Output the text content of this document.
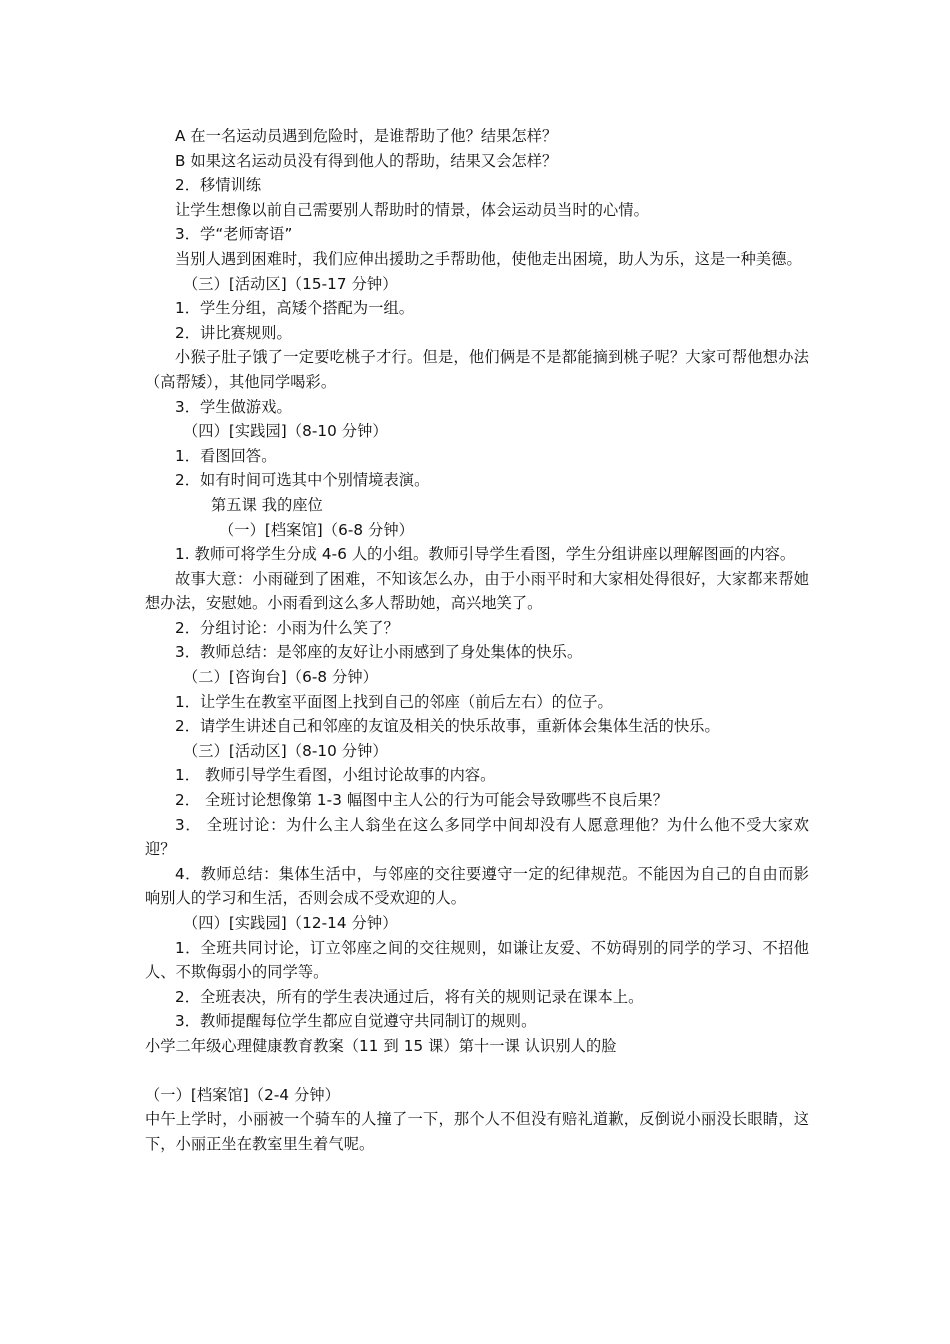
A 在一名运动员遇到危险时，是谁帮助了他？结果怎样？

B 如果这名运动员没有得到他人的帮助，结果又会怎样？

2．移情训练

让学生想像以前自己需要别人帮助时的情景，体会运动员当时的心情。

3．学“老师寄语”

当别人遇到困难时，我们应伸出援助之手帮助他，使他走出困境，助人为乐，这是一种美德。

（三）[活动区]（15-17 分钟）

1．学生分组，高矮个搭配为一组。

2．讲比赛规则。

小猴子肚子饿了一定要吃桃子才行。但是，他们俩是不是都能摘到桃子呢？大家可帮他想办法（高帮矮），其他同学喝彩。

3．学生做游戏。

（四）[实践园]（8-10 分钟）

1．看图回答。

2．如有时间可选其中个别情境表演。

第五课 我的座位

（一）[档案馆]（6-8 分钟）

1. 教师可将学生分成 4-6 人的小组。教师引导学生看图，学生分组讲座以理解图画的内容。

故事大意：小雨碰到了困难，不知该怎么办，由于小雨平时和大家相处得很好，大家都来帮她想办法，安慰她。小雨看到这么多人帮助她，高兴地笑了。

2．分组讨论：小雨为什么笑了？

3．教师总结：是邻座的友好让小雨感到了身处集体的快乐。

（二）[咨询台]（6-8 分钟）

1．让学生在教室平面图上找到自己的邻座（前后左右）的位子。

2．请学生讲述自己和邻座的友谊及相关的快乐故事，重新体会集体生活的快乐。

（三）[活动区]（8-10 分钟）

1． 教师引导学生看图，小组讨论故事的内容。

2． 全班讨论想像第 1-3 幅图中主人公的行为可能会导致哪些不良后果？

3． 全班讨论：为什么主人翁坐在这么多同学中间却没有人愿意理他？为什么他不受大家欢迎？

4．教师总结：集体生活中，与邻座的交往要遵守一定的纪律规范。不能因为自己的自由而影响别人的学习和生活，否则会成不受欢迎的人。

（四）[实践园]（12-14 分钟）

1．全班共同讨论，订立邻座之间的交往规则，如谦让友爱、不妨碍别的同学的学习、不招他人、不欺侮弱小的同学等。

2．全班表决，所有的学生表决通过后，将有关的规则记录在课本上。

3．教师提醒每位学生都应自觉遵守共同制订的规则。

小学二年级心理健康教育教案（11 到 15 课）第十一课 认识别人的脸

（一）[档案馆]（2-4 分钟）

中午上学时，小丽被一个骑车的人撞了一下，那个人不但没有赔礼道歉，反倒说小丽没长眼睛，这下，小丽正坐在教室里生着气呢。
